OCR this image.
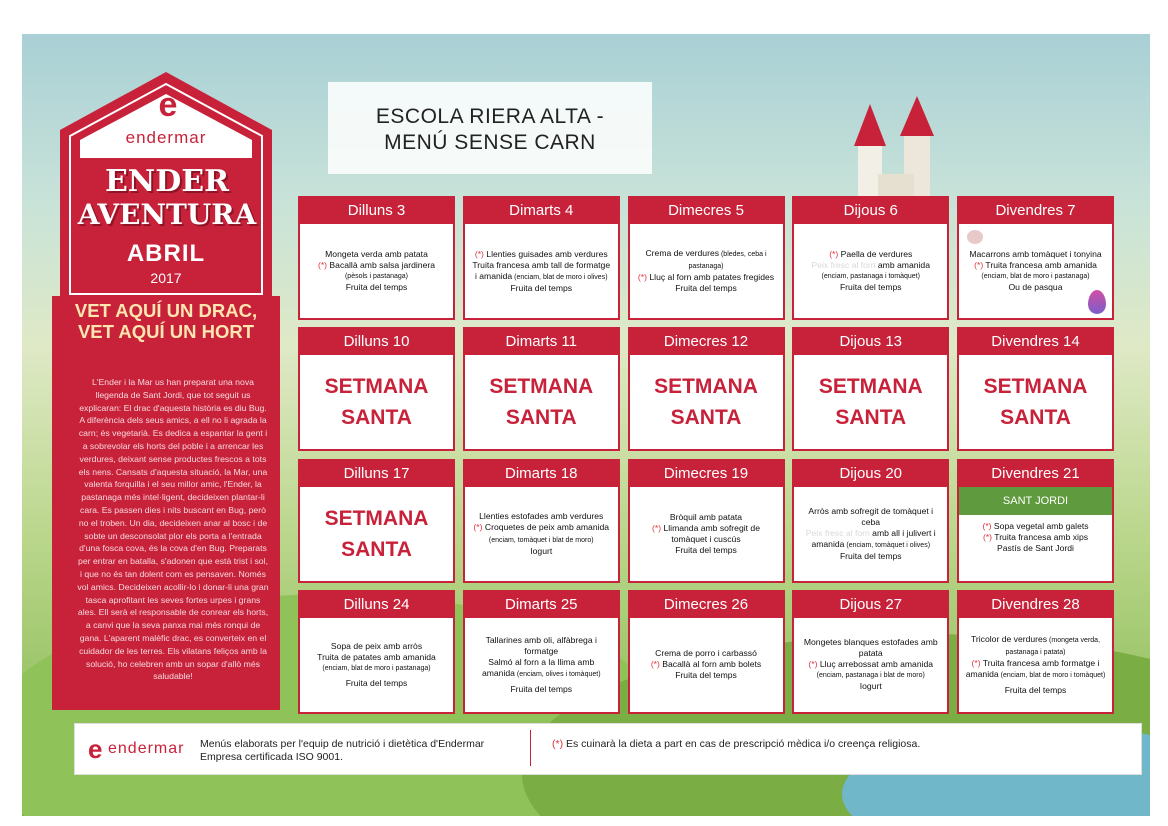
e
endermar
ENDER
AVENTURA
ABRIL
2017
VET AQUÍ UN DRAC, VET AQUÍ UN HORT
L'Ender i la Mar us han preparat una nova llegenda de Sant Jordi, que tot seguit us explicaran: El drac d'aquesta història es diu Bug. A diferència dels seus amics, a ell no li agrada la carn; és vegetarià. Es dedica a espantar la gent i a sobrevolar els horts del poble i a arrencar les verdures, deixant sense productes frescos a tots els nens. Cansats d'aquesta situació, la Mar, una valenta forquilla i el seu millor amic, l'Ender, la pastanaga més intel·ligent, decideixen plantar-li cara. Es passen dies i nits buscant en Bug, però no el troben. Un dia, decideixen anar al bosc i de sobte un desconsolat plor els porta a l'entrada d'una fosca cova, és la cova d'en Bug. Preparats per entrar en batalla, s'adonen que està trist i sol, i que no és tan dolent com es pensaven. Només vol amics. Decideixen acollir-lo i donar-li una gran tasca aprofitant les seves fortes urpes i grans ales. Ell serà el responsable de conrear els horts, a canvi que la seva panxa mai més ronqui de gana. L'aparent malèfic drac, es converteix en el cuidador de les terres. Els vilatans feliços amb la solució, ho celebren amb un sopar d'allò més saludable!
ESCOLA RIERA ALTA -
MENÚ SENSE CARN
Dilluns 3

Mongeta verda amb patata

(*) Bacallà amb salsa jardinera

(pèsols i pastanaga)

Fruita del temps

Dimarts 4

(*) Llenties guisades amb verdures

Truita francesa amb tall de formatge i amanida (enciam, blat de moro i olives)

Fruita del temps

Dimecres 5

Crema de verdures (bledes, ceba i pastanaga)

(*) Lluç al forn amb patates fregides

Fruita del temps

Dijous 6

(*) Paella de verdures

Peix fresc al forn amb amanida

(enciam, pastanaga i tomàquet)

Fruita del temps

Divendres 7

Macarrons amb tomàquet i tonyina

(*) Truita francesa amb amanida

(enciam, blat de moro i pastanaga)

Ou de pasqua

Dilluns 10

SETMANA

SANTA

Dimarts 11

SETMANA

SANTA

Dimecres 12

SETMANA

SANTA

Dijous 13

SETMANA

SANTA

Divendres 14

SETMANA

SANTA

Dilluns 17

SETMANA

SANTA

Dimarts 18

Llenties estofades amb verdures

(*) Croquetes de peix amb amanida (enciam, tomàquet i blat de moro)

Iogurt

Dimecres 19

Bròquil amb patata

(*) Llimanda amb sofregit de tomàquet i cuscús

Fruita del temps

Dijous 20

Arròs amb sofregit de tomàquet i ceba

Peix fresc al forn amb all i julivert i amanida (enciam, tomàquet i olives)

Fruita del temps

Divendres 21
SANT JORDI

(*) Sopa vegetal amb galets

(*) Truita francesa amb xips

Pastís de Sant Jordi

Dilluns 24

Sopa de peix amb arròs

Truita de patates amb amanida

(enciam, blat de moro i pastanaga)

Fruita del temps

Dimarts 25

Tallarines amb oli, alfàbrega i formatge

Salmó al forn a la llima amb amanida (enciam, olives i tomàquet)

Fruita del temps

Dimecres 26

Crema de porro i carbassó

(*) Bacallà al forn amb bolets

Fruita del temps

Dijous 27

Mongetes blanques estofades amb patata

(*) Lluç arrebossat amb amanida

(enciam, pastanaga i blat de moro)

Iogurt

Divendres 28

Tricolor de verdures (mongeta verda, pastanaga i patata)

(*) Truita francesa amb formatge i amanida (enciam, blat de moro i tomàquet)

Fruita del temps

e endermar Menús elaborats per l'equip de nutrició i dietètica d'Endermar
Empresa certificada ISO 9001.
(*) Es cuinarà la dieta a part en cas de prescripció mèdica i/o creença religiosa.
